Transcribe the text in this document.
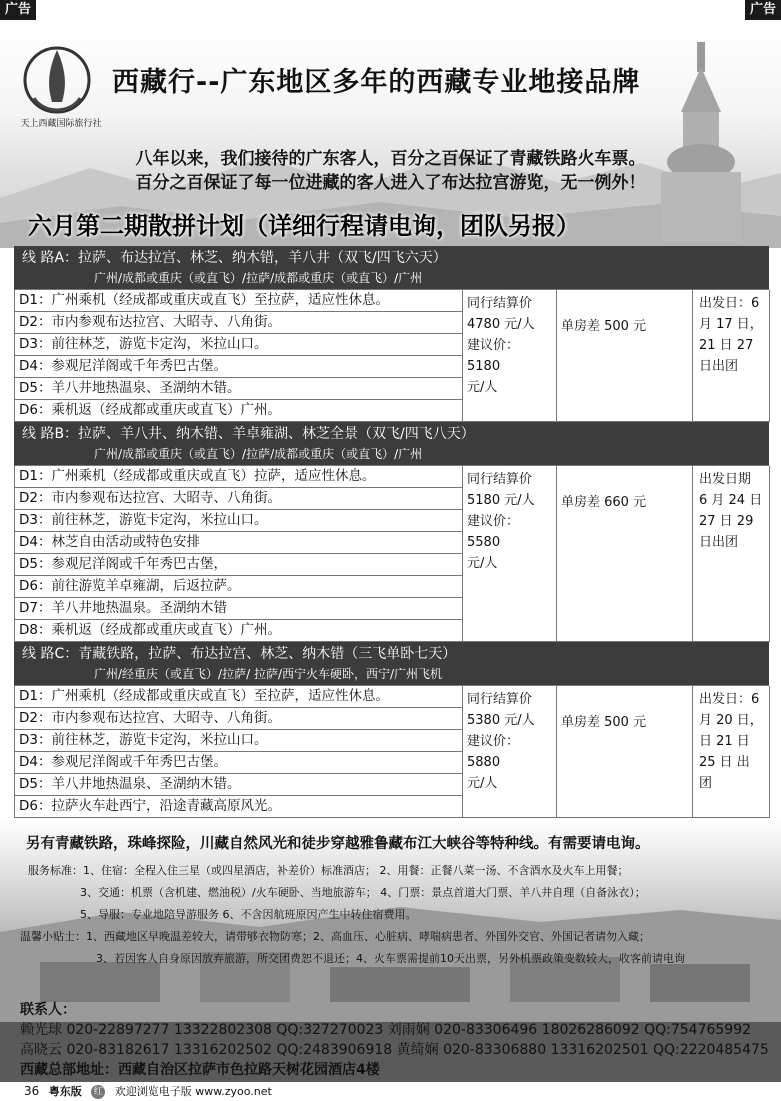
广告	广告
天上西藏国际旅行社
西藏行--广东地区多年的西藏专业地接品牌
八年以来，我们接待的广东客人，百分之百保证了青藏铁路火车票。
百分之百保证了每一位进藏的客人进入了布达拉宫游览，无一例外！
六月第二期散拼计划（详细行程请电询，团队另报）
线 路A：拉萨、布达拉宫、林芝、纳木错，羊八井（双飞/四飞六天）
广州/成都或重庆（或直飞）/拉萨/成都或重庆（或直飞）/广州
D1：广州乘机（经成都或重庆或直飞）至拉萨，适应性休息。
D2：市内参观布达拉宫、大昭寺、八角街。
D3：前往林芝，游览卡定沟，米拉山口。
D4：参观尼洋阁或千年秀巴古堡。
D5：羊八井地热温泉、圣湖纳木错。
D6：乘机返（经成都或重庆或直飞）广州。
同行结算价
4780 元/人
建议价：5180
元/人
单房差 500 元
出发日：6
月 17 日，
21 日 27
日出团
线 路B：拉萨、羊八井、纳木错、羊卓雍湖、林芝全景（双飞/四飞八天）
广州/成都或重庆（或直飞）/拉萨/成都或重庆（或直飞）/广州
D1：广州乘机（经成都或重庆或直飞）拉萨，适应性休息。
D2：市内参观布达拉宫、大昭寺、八角街。
D3：前往林芝，游览卡定沟，米拉山口。
D4：林芝自由活动或特色安排
D5：参观尼洋阁或千年秀巴古堡，
D6：前往游览羊卓雍湖，后返拉萨。
D7：羊八井地热温泉。圣湖纳木错
D8：乘机返（经成都或重庆或直飞）广州。
同行结算价
5180 元/人
建议价：5580
元/人
单房差 660 元
出发日期
6 月 24 日
27 日 29
日出团
线 路C：青藏铁路，拉萨、布达拉宫、林芝、纳木错（三飞单卧七天）
广州/经重庆（或直飞）/拉萨/ 拉萨/西宁火车硬卧，西宁/广州飞机
D1：广州乘机（经成都或重庆或直飞）至拉萨，适应性休息。
D2：市内参观布达拉宫、大昭寺、八角街。
D3：前往林芝，游览卡定沟，米拉山口。
D4：参观尼洋阁或千年秀巴古堡。
D5：羊八井地热温泉、圣湖纳木错。
D6：拉萨火车赴西宁，沿途青藏高原风光。
同行结算价
5380 元/人
建议价：5880
元/人
单房差 500 元
出发日：6
月 20 日，
日 21 日
25 日 出
团
另有青藏铁路，珠峰探险，川藏自然风光和徒步穿越雅鲁藏布江大峡谷等特种线。有需要请电询。
服务标准：1、住宿：全程入住三星（或四星酒店，补差价）标准酒店； 2、用餐：正餐八菜一汤、不含酒水及火车上用餐；
3、交通：机票（含机建、燃油税）/火车硬卧、当地旅游车； 4、门票：景点首道大门票、羊八井自理（自备泳衣）；
5、导服：专业地陪导游服务 6、不含因航班原因产生中转住宿费用。
温馨小贴士：1、西藏地区早晚温差较大，请带够衣物防寒；2、高血压、心脏病、哮喘病患者、外国外交官、外国记者请勿入藏；
3、若因客人自身原因放弃旅游，所交团费恕不退还；4、火车票需提前10天出票，另外机票政策变数较大，收客前请电询
联系人：
赖光球 020-22897277 13322802308 QQ:327270023 刘雨娴 020-83306496 18026286092 QQ:754765992
高晓云 020-83182617 13316202502 QQ:2483906918 黄绮娴 020-83306880 13316202501 QQ:2220485475
西藏总部地址：西藏自治区拉萨市色拉路天树花园酒店4楼
36 粤东版 红 欢迎浏览电子版 www.zyoo.net
